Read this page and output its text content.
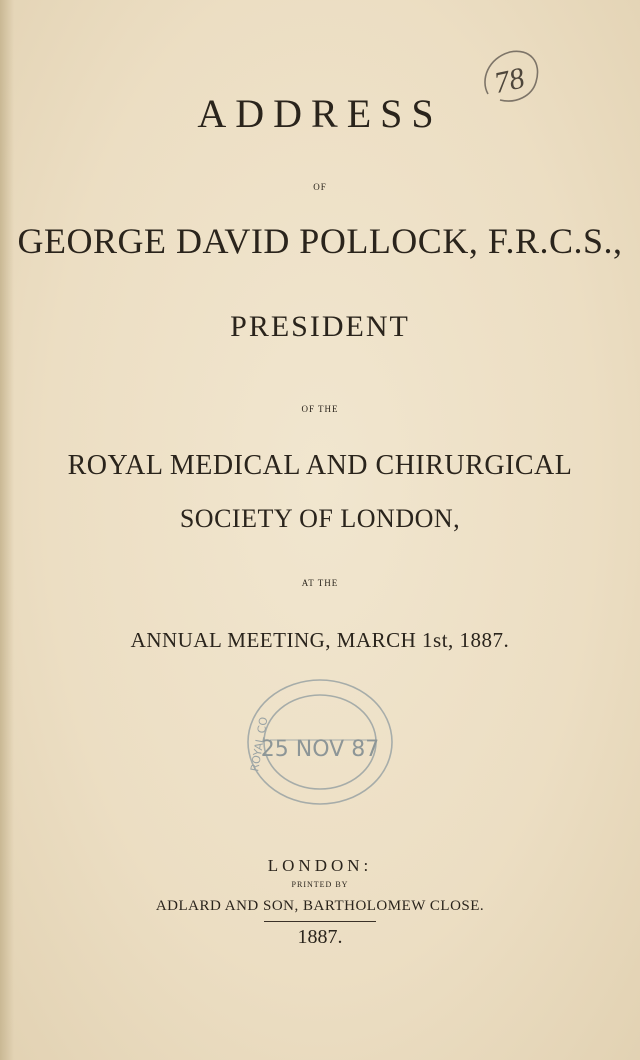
ADDRESS
78
OF
GEORGE DAVID POLLOCK, F.R.C.S.,
PRESIDENT
OF THE
ROYAL MEDICAL AND CHIRURGICAL
SOCIETY OF LONDON,
AT THE
ANNUAL MEETING, MARCH 1st, 1887.
25 NOV 87
ROYAL CO
LONDON:
PRINTED BY
ADLARD AND SON, BARTHOLOMEW CLOSE.
1887.
